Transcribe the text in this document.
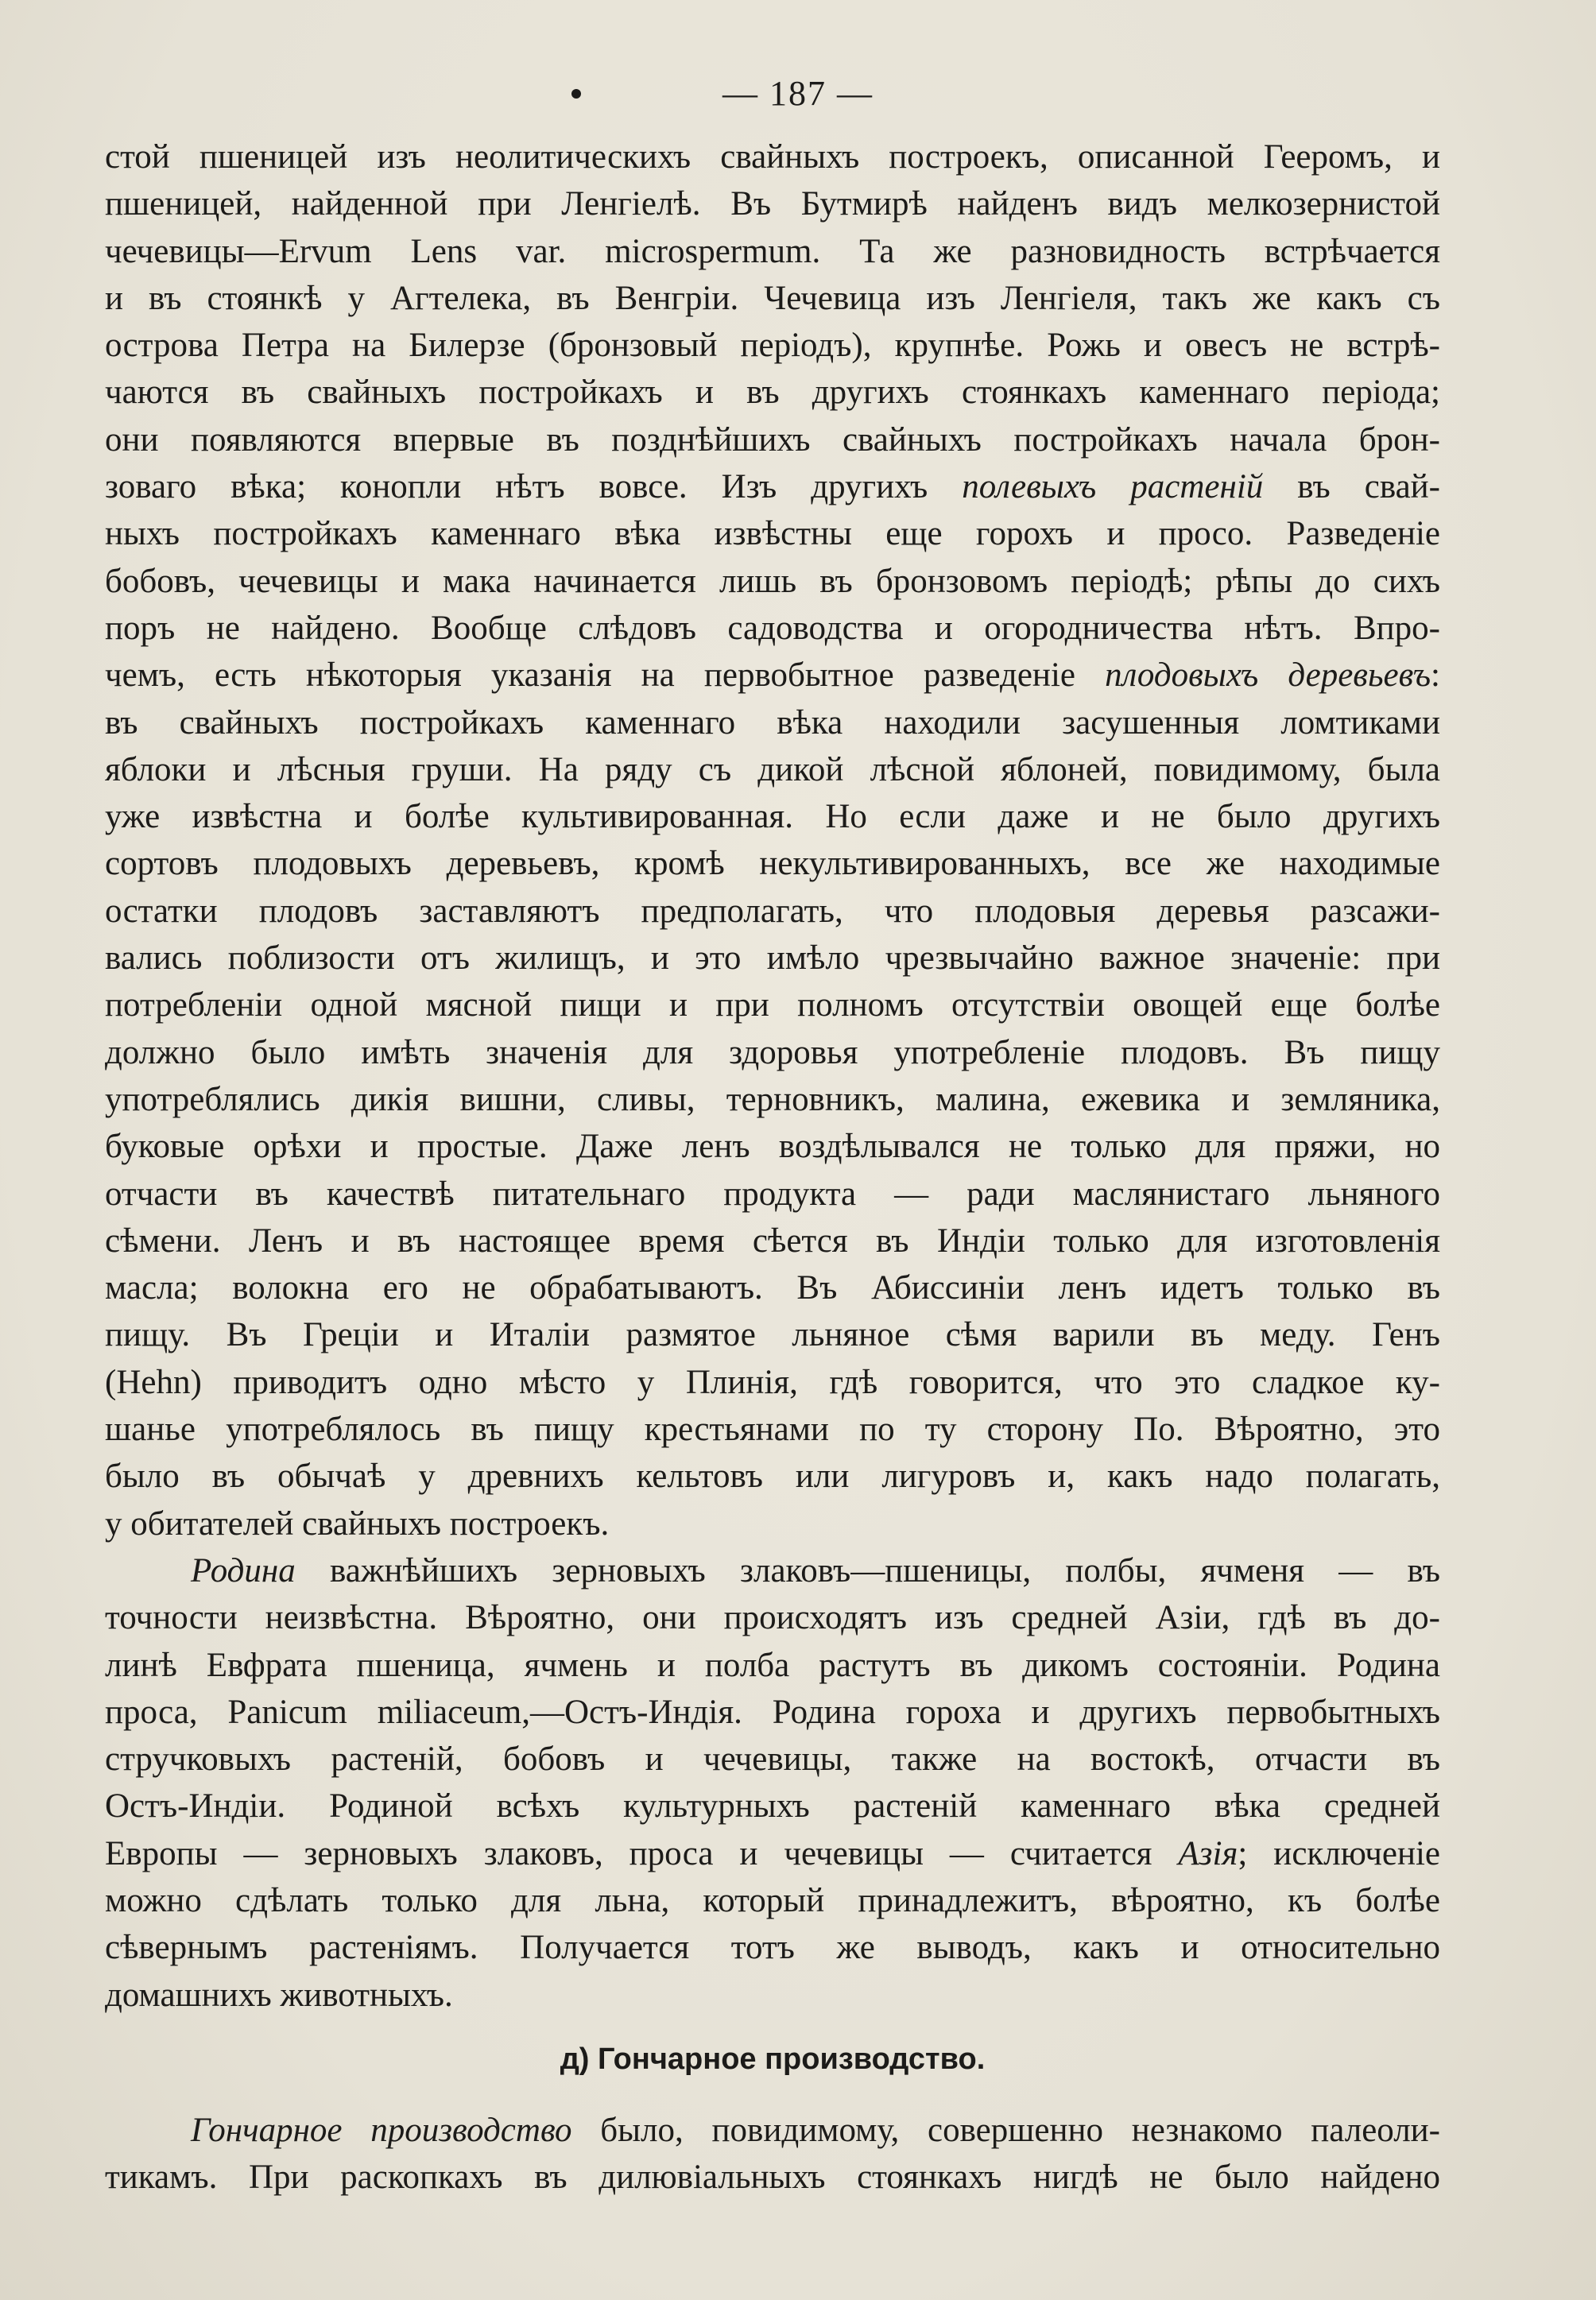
— 187 —
стой пшеницей изъ неолитическихъ свайныхъ построекъ, описанной Гееромъ, и
пшеницей, найденной при Ленгіелѣ. Въ Бутмирѣ найденъ видъ мелкозернистой
чечевицы—Ervum Lens var. microspermum. Та же разновидность встрѣчается
и въ стоянкѣ у Агтелека, въ Венгріи. Чечевица изъ Ленгіеля, такъ же какъ съ
острова Петра на Билерзе (бронзовый періодъ), крупнѣе. Рожь и овесъ не встрѣ-
чаются въ свайныхъ постройкахъ и въ другихъ стоянкахъ каменнаго періода;
они появляются впервые въ позднѣйшихъ свайныхъ постройкахъ начала брон-
зоваго вѣка; конопли нѣтъ вовсе. Изъ другихъ полевыхъ растеній въ свай-
ныхъ постройкахъ каменнаго вѣка извѣстны еще горохъ и просо. Разведеніе
бобовъ, чечевицы и мака начинается лишь въ бронзовомъ періодѣ; рѣпы до сихъ
поръ не найдено. Вообще слѣдовъ садоводства и огородничества нѣтъ. Впро-
чемъ, есть нѣкоторыя указанія на первобытное разведеніе плодовыхъ деревьевъ:
въ свайныхъ постройкахъ каменнаго вѣка находили засушенныя ломтиками
яблоки и лѣсныя груши. На ряду съ дикой лѣсной яблоней, повидимому, была
уже извѣстна и болѣе культивированная. Но если даже и не было другихъ
сортовъ плодовыхъ деревьевъ, кромѣ некультивированныхъ, все же находимые
остатки плодовъ заставляютъ предполагать, что плодовыя деревья разсажи-
вались поблизости отъ жилищъ, и это имѣло чрезвычайно важное значеніе: при
потребленіи одной мясной пищи и при полномъ отсутствіи овощей еще болѣе
должно было имѣть значенія для здоровья употребленіе плодовъ. Въ пищу
употреблялись дикія вишни, сливы, терновникъ, малина, ежевика и земляника,
буковые орѣхи и простые. Даже ленъ воздѣлывался не только для пряжи, но
отчасти въ качествѣ питательнаго продукта — ради маслянистаго льняного
сѣмени. Ленъ и въ настоящее время сѣется въ Индіи только для изготовленія
масла; волокна его не обрабатываютъ. Въ Абиссиніи ленъ идетъ только въ
пищу. Въ Греціи и Италіи размятое льняное сѣмя варили въ меду. Генъ
(Hehn) приводитъ одно мѣсто у Плинія, гдѣ говорится, что это сладкое ку-
шанье употреблялось въ пищу крестьянами по ту сторону По. Вѣроятно, это
было въ обычаѣ у древнихъ кельтовъ или лигуровъ и, какъ надо полагать,
у обитателей свайныхъ построекъ.
Родина важнѣйшихъ зерновыхъ злаковъ—пшеницы, полбы, ячменя — въ
точности неизвѣстна. Вѣроятно, они происходятъ изъ средней Азіи, гдѣ въ до-
линѣ Евфрата пшеница, ячмень и полба растутъ въ дикомъ состояніи. Родина
проса, Panicum miliaceum,—Остъ-Индія. Родина гороха и другихъ первобытныхъ
стручковыхъ растеній, бобовъ и чечевицы, также на востокѣ, отчасти въ
Остъ-Индіи. Родиной всѣхъ культурныхъ растеній каменнаго вѣка средней
Европы — зерновыхъ злаковъ, проса и чечевицы — считается Азія; исключеніе
можно сдѣлать только для льна, который принадлежитъ, вѣроятно, къ болѣе
сѣвернымъ растеніямъ. Получается тотъ же выводъ, какъ и относительно
домашнихъ животныхъ.
д) Гончарное производство.
Гончарное производство было, повидимому, совершенно незнакомо палеоли-
тикамъ. При раскопкахъ въ дилювіальныхъ стоянкахъ нигдѣ не было найдено
